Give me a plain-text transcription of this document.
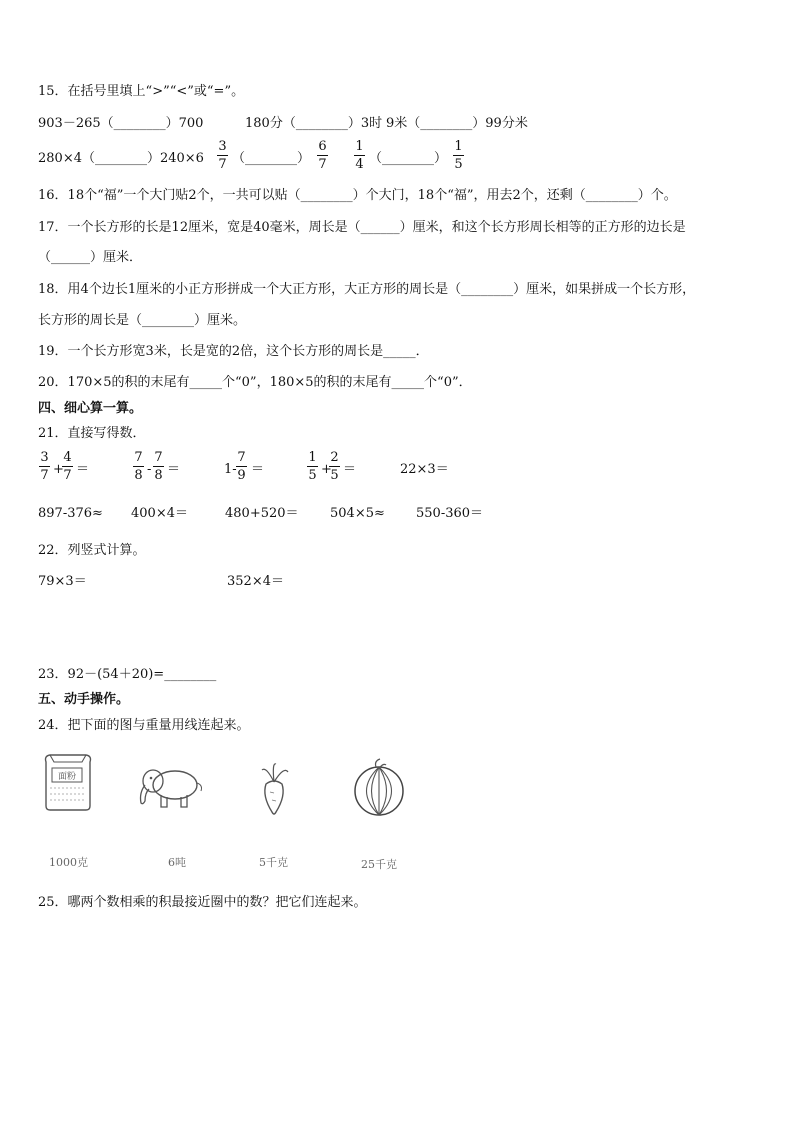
15．在括号里填上“>”“<”或“=”。
903－265（________）700	180分（________）3时 9米（________）99分米
280×4（________）240×6
3
7 （________）
6
7
1
4 （________）
1
5
16．18个“福”一个大门贴2个，一共可以贴（________）个大门，18个“福”，用去2个，还剩（________）个。
17．一个长方形的长是12厘米，宽是40毫米，周长是（______）厘米，和这个长方形周长相等的正方形的边长是
（______）厘米．
18．用4个边长1厘米的小正方形拼成一个大正方形，大正方形的周长是（________）厘米，如果拼成一个长方形，
长方形的周长是（________）厘米。
19．一个长方形宽3米，长是宽的2倍，这个长方形的周长是_____．
20．170×5的积的末尾有_____个“0”，180×5的积的末尾有_____个“0”．
四、细心算一算。
21．直接写得数．
3
7 +
4
7 ＝
7
8 -
7
8 ＝	1-
7
9 ＝
1
5 +
2
5 ＝	22×3＝
897-376≈ 400×4＝	480+520＝ 504×5≈ 550-360＝
22．列竖式计算。
79×3＝	352×4＝
23．92－(54＋20)=________
五、动手操作。
24．把下面的图与重量用线连起来。
面粉
1000克	6吨	5千克	25千克
25．哪两个数相乘的积最接近圈中的数？把它们连起来。
